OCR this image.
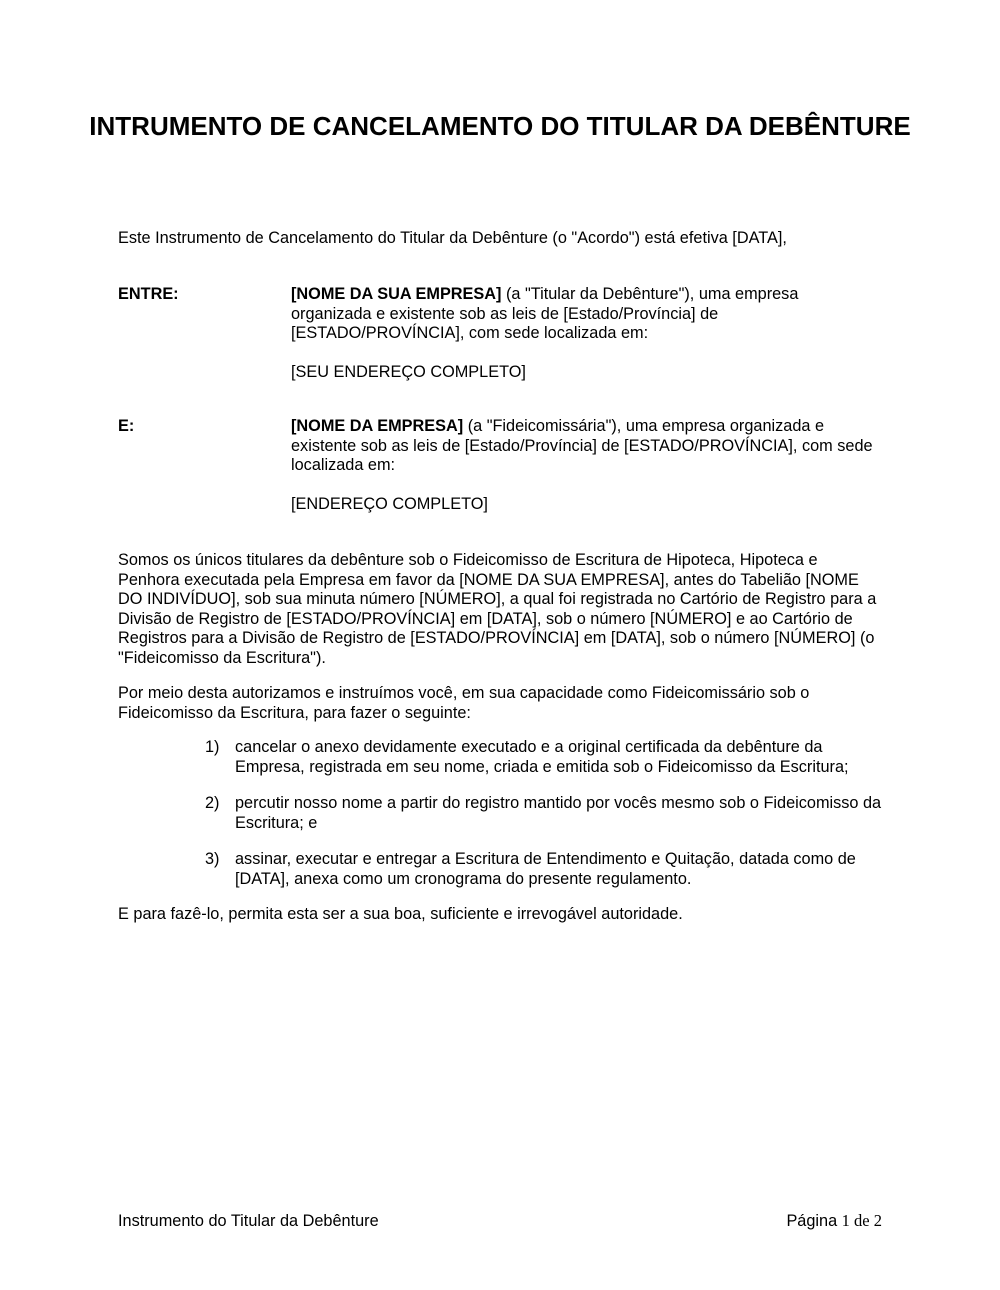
INTRUMENTO DE CANCELAMENTO DO TITULAR DA DEBÊNTURE

Este Instrumento de Cancelamento do Titular da Debênture (o "Acordo") está efetiva [DATA],

ENTRE:	[NOME DA SUA EMPRESA] (a "Titular da Debênture"), uma empresa organizada e existente sob as leis de [Estado/Província] de [ESTADO/PROVÍNCIA], com sede localizada em:

[SEU ENDEREÇO COMPLETO]

E:	[NOME DA EMPRESA] (a "Fideicomissária"), uma empresa organizada e existente sob as leis de [Estado/Província] de [ESTADO/PROVÍNCIA], com sede localizada em:

[ENDEREÇO COMPLETO]

Somos os únicos titulares da debênture sob o Fideicomisso de Escritura de Hipoteca, Hipoteca e Penhora executada pela Empresa em favor da [NOME DA SUA EMPRESA], antes do Tabelião [NOME DO INDIVÍDUO], sob sua minuta número [NÚMERO], a qual foi registrada no Cartório de Registro para a Divisão de Registro de [ESTADO/PROVÍNCIA] em [DATA], sob o número [NÚMERO] e ao Cartório de Registros para a Divisão de Registro de [ESTADO/PROVÍNCIA] em [DATA], sob o número [NÚMERO] (o "Fideicomisso da Escritura").

Por meio desta autorizamos e instruímos você, em sua capacidade como Fideicomissário sob o Fideicomisso da Escritura, para fazer o seguinte:

1) cancelar o anexo devidamente executado e a original certificada da debênture da Empresa, registrada em seu nome, criada e emitida sob o Fideicomisso da Escritura;
2) percutir nosso nome a partir do registro mantido por vocês mesmo sob o Fideicomisso da Escritura; e
3) assinar, executar e entregar a Escritura de Entendimento e Quitação, datada como de [DATA], anexa como um cronograma do presente regulamento.

E para fazê-lo, permita esta ser a sua boa, suficiente e irrevogável autoridade.

Instrumento do Titular da Debênture	Página 1 de 2
